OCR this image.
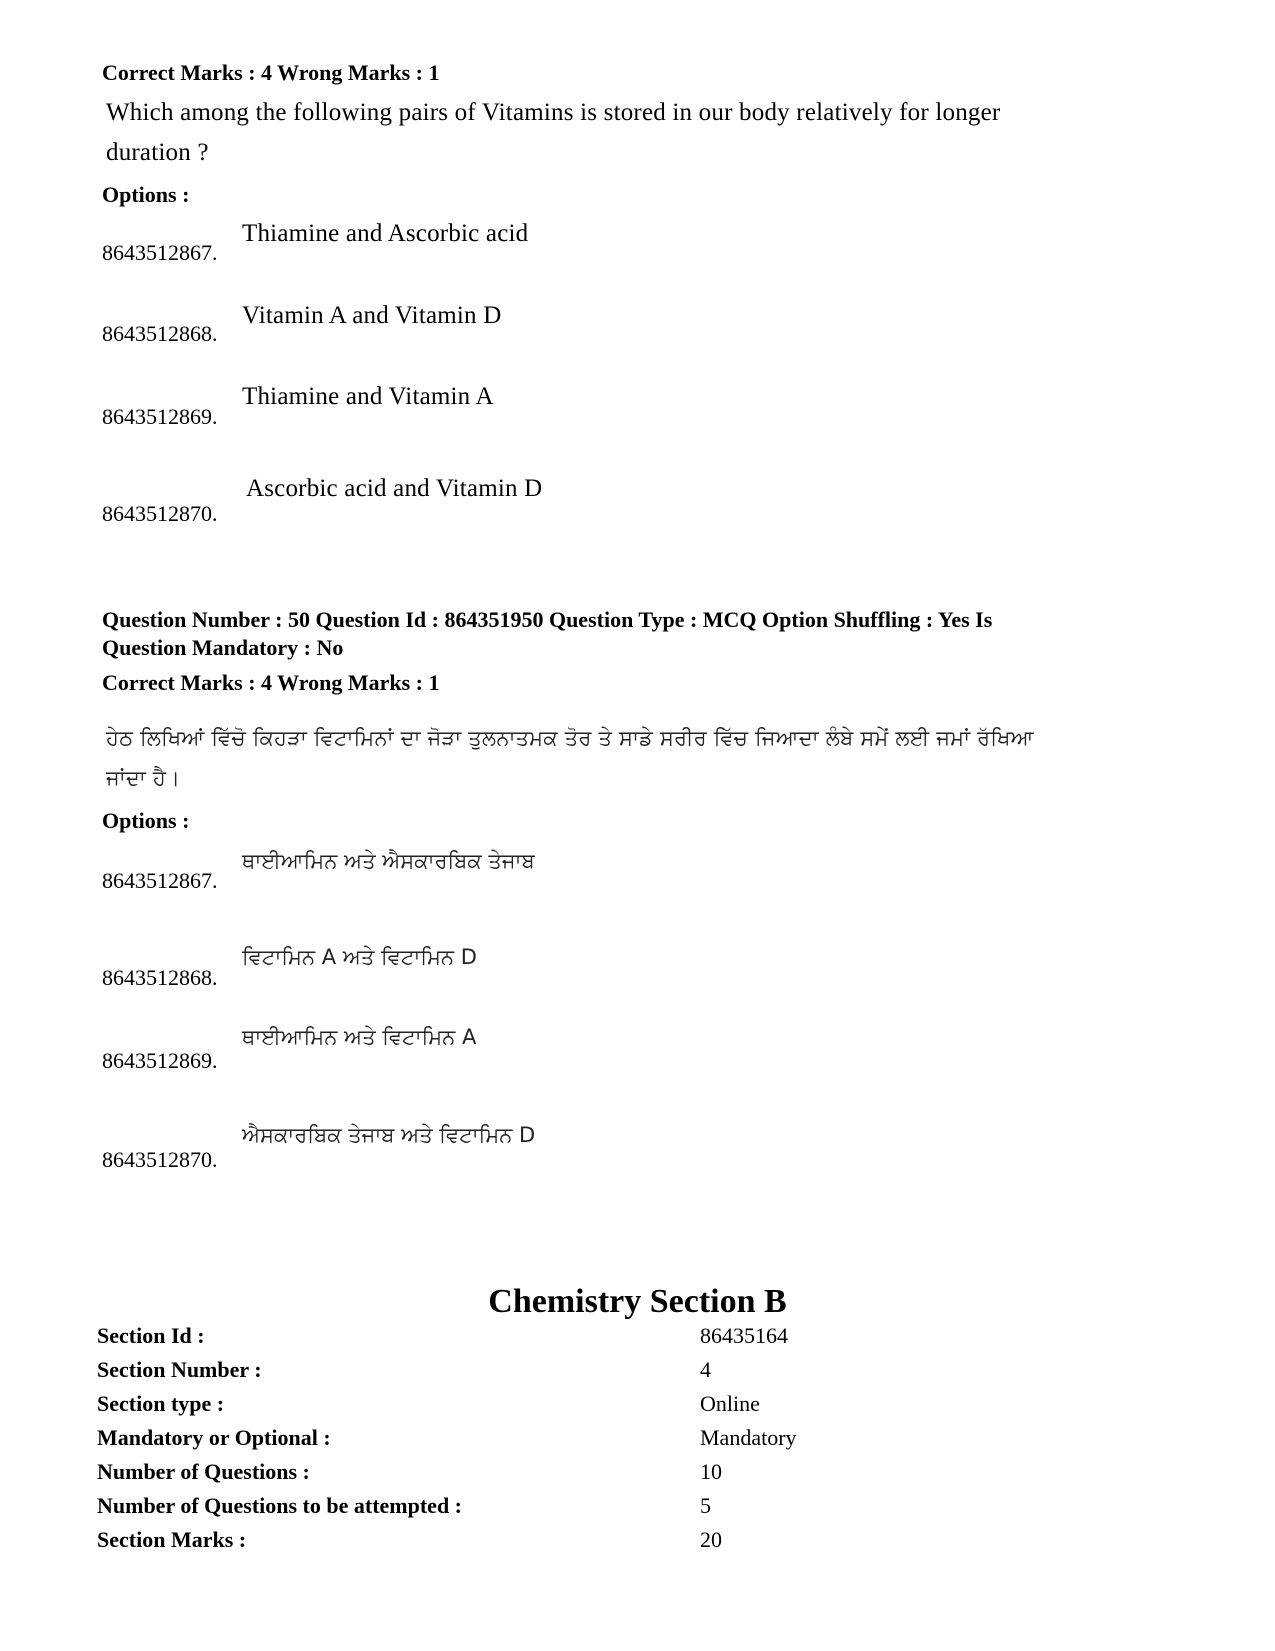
Correct Marks : 4 Wrong Marks : 1
Which among the following pairs of Vitamins is stored in our body relatively for longer
duration ?
Options :
8643512867.
Thiamine and Ascorbic acid
8643512868.
Vitamin A and Vitamin D
8643512869.
Thiamine and Vitamin A
8643512870.
Ascorbic acid and Vitamin D
Question Number : 50 Question Id : 864351950 Question Type : MCQ Option Shuffling : Yes Is
Question Mandatory : No
Correct Marks : 4 Wrong Marks : 1
ਹੇਠ ਲਿਖਿਆਂ ਵਿੱਚੋ ਕਿਹੜਾ ਵਿਟਾਮਿਨਾਂ ਦਾ ਜੋੜਾ ਤੁਲਨਾਤਮਕ ਤੋਰ ਤੇ ਸਾਡੇ ਸਰੀਰ ਵਿੱਚ ਜਿਆਦਾ ਲੰਬੇ ਸਮੇਂ ਲਈ ਜਮਾਂ ਰੱਖਿਆ
ਜਾਂਦਾ ਹੈ।
Options :
8643512867.
ਥਾਈਆਮਿਨ ਅਤੇ ਐਸਕਾਰਬਿਕ ਤੇਜਾਬ
8643512868.
ਵਿਟਾਮਿਨ A ਅਤੇ ਵਿਟਾਮਿਨ D
8643512869.
ਥਾਈਆਮਿਨ ਅਤੇ ਵਿਟਾਮਿਨ A
8643512870.
ਐਸਕਾਰਬਿਕ ਤੇਜਾਬ ਅਤੇ ਵਿਟਾਮਿਨ D
Chemistry Section B
Section Id :	86435164
Section Number :	4
Section type :	Online
Mandatory or Optional :	Mandatory
Number of Questions :	10
Number of Questions to be attempted :	5
Section Marks :	20
